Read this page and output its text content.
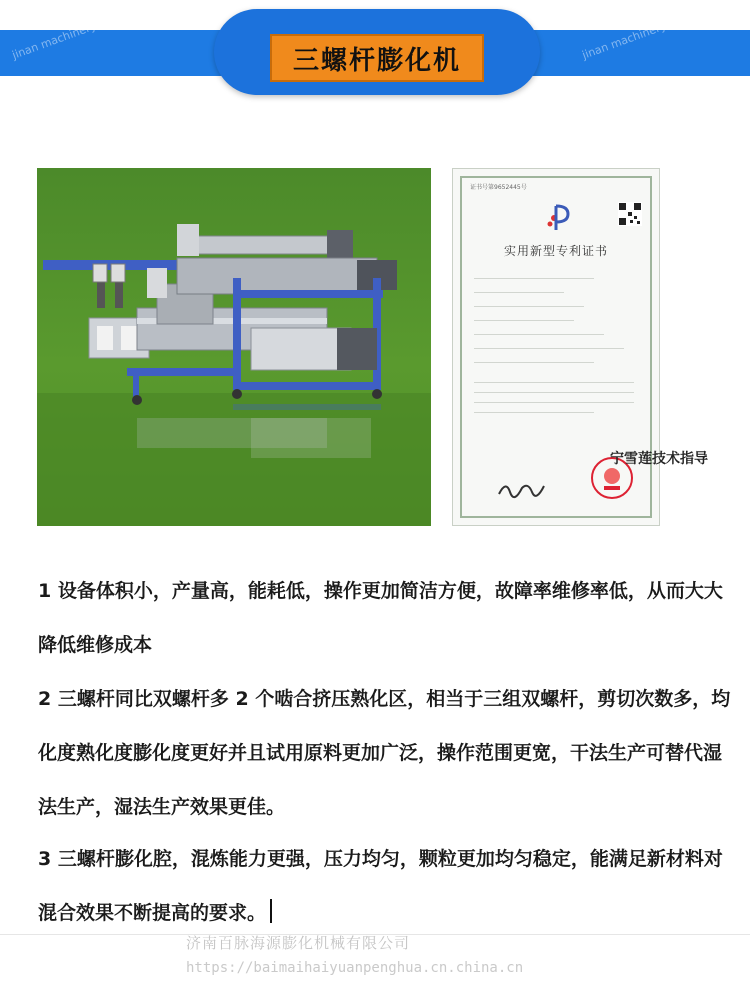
jinan machinery	jinan machinery
三螺杆膨化机
证书号第9652445号
实用新型专利证书
宁雪莲技术指导

1 设备体积小，产量高，能耗低，操作更加简洁方便，故障率维修率低，从而大大降低维修成本

2 三螺杆同比双螺杆多 2 个啮合挤压熟化区，相当于三组双螺杆，剪切次数多，均化度熟化度膨化度更好并且试用原料更加广泛，操作范围更宽，干法生产可替代湿法生产，湿法生产效果更佳。

3 三螺杆膨化腔，混炼能力更强，压力均匀，颗粒更加均匀稳定，能满足新材料对混合效果不断提高的要求。

济南百脉海源膨化机械有限公司
https://baimaihaiyuanpenghua.cn.china.cn
